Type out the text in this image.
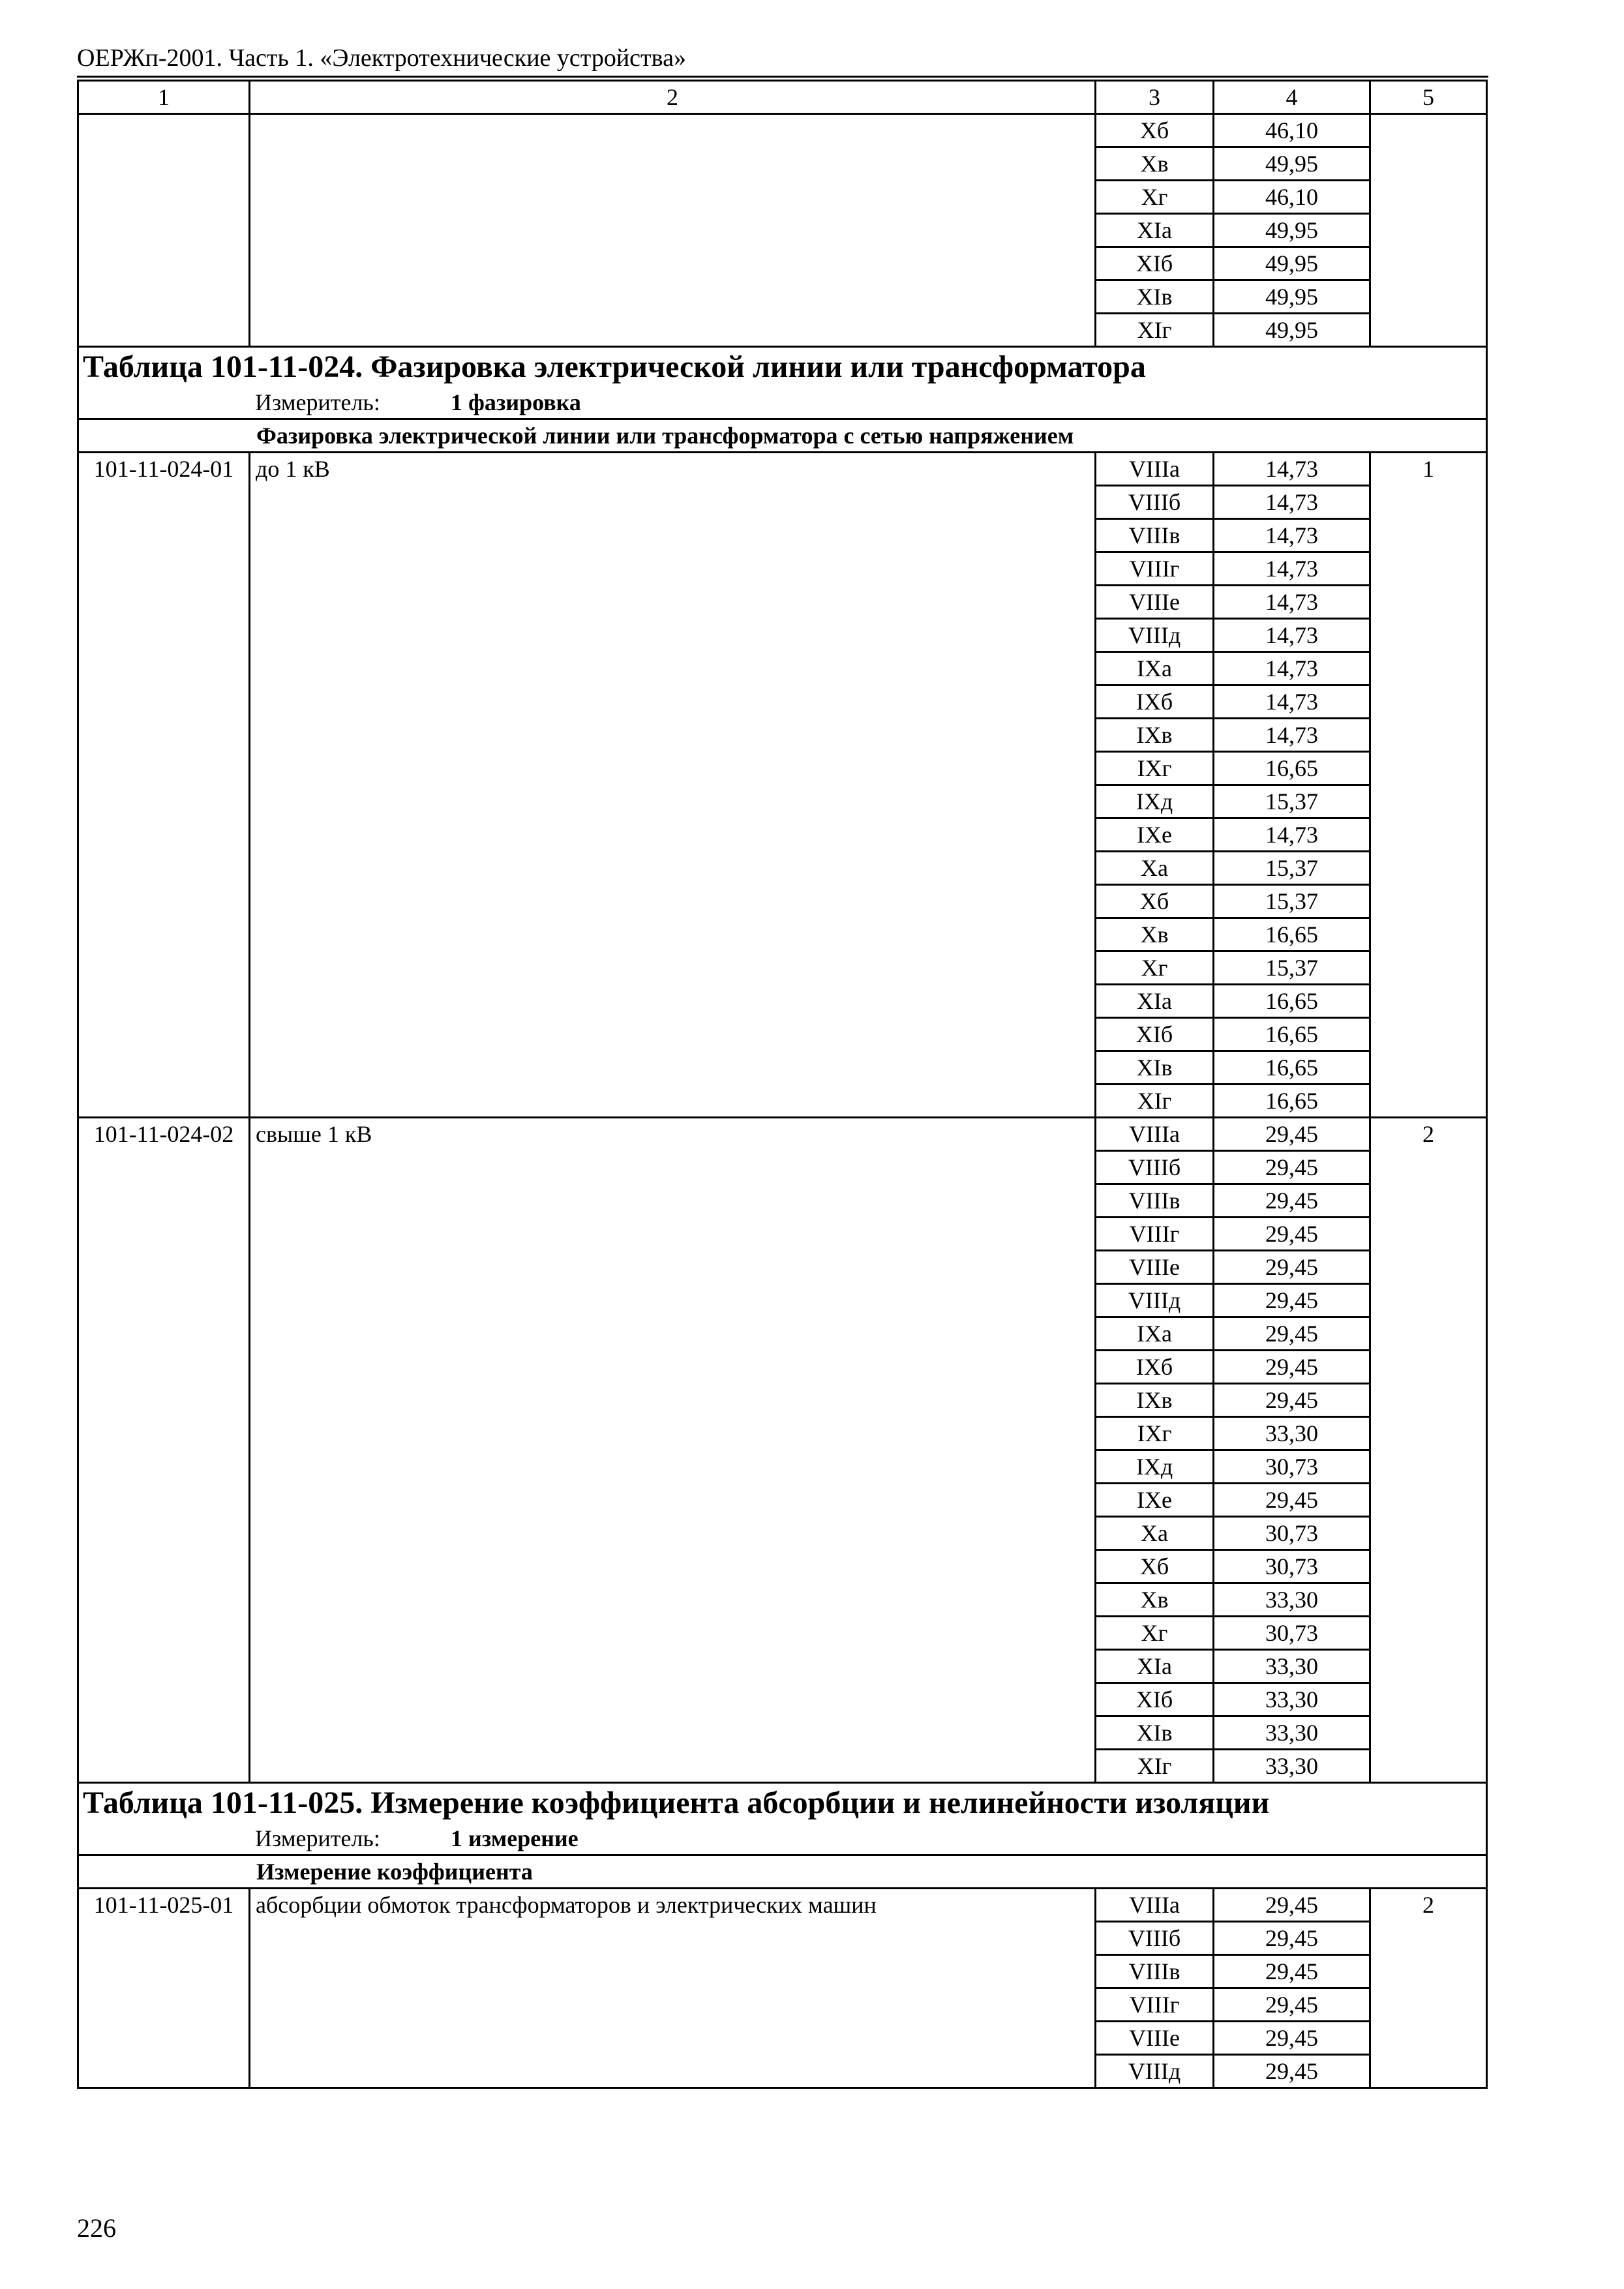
ОЕРЖп-2001. Часть 1. «Электротехнические устройства»
1	2	3	4	5
		Xб	46,10	
		Xв	49,95	
		Xг	46,10	
		XIа	49,95	
		XIб	49,95	
		XIв	49,95	
		XIг	49,95	
Таблица 101-11-024. Фазировка электрической линии или трансформатора				
Измеритель: 1 фазировка				
Фазировка электрической линии или трансформатора с сетью напряжением				
101-11-024-01	до 1 кВ	VIIIа	14,73	1
		VIIIб	14,73	
		VIIIв	14,73	
		VIIIг	14,73	
		VIIIе	14,73	
		VIIIд	14,73	
		IXа	14,73	
		IXб	14,73	
		IXв	14,73	
		IXг	16,65	
		IXд	15,37	
		IXе	14,73	
		Xа	15,37	
		Xб	15,37	
		Xв	16,65	
		Xг	15,37	
		XIа	16,65	
		XIб	16,65	
		XIв	16,65	
		XIг	16,65	
101-11-024-02	свыше 1 кВ	VIIIа	29,45	2
		VIIIб	29,45	
		VIIIв	29,45	
		VIIIг	29,45	
		VIIIе	29,45	
		VIIIд	29,45	
		IXа	29,45	
		IXб	29,45	
		IXв	29,45	
		IXг	33,30	
		IXд	30,73	
		IXе	29,45	
		Xа	30,73	
		Xб	30,73	
		Xв	33,30	
		Xг	30,73	
		XIа	33,30	
		XIб	33,30	
		XIв	33,30	
		XIг	33,30	
Таблица 101-11-025. Измерение коэффициента абсорбции и нелинейности изоляции				
Измеритель: 1 измерение				
Измерение коэффициента				
101-11-025-01	абсорбции обмоток трансформаторов и электрических машин	VIIIа	29,45	2
		VIIIб	29,45	
		VIIIв	29,45	
		VIIIг	29,45	
		VIIIе	29,45	
		VIIIд	29,45	
226
